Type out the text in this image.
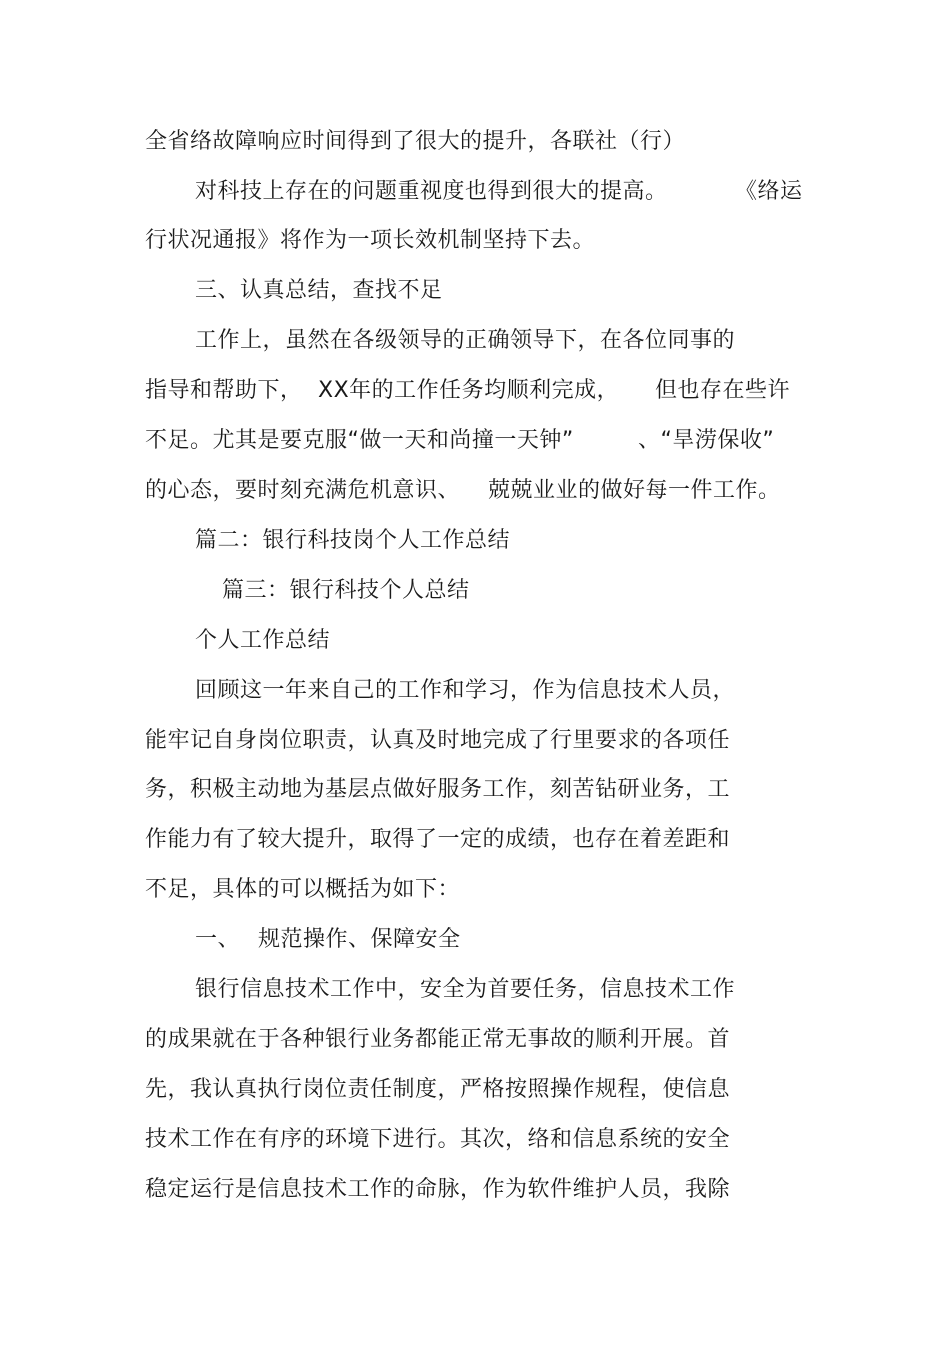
全省络故障响应时间得到了很大的提升，各联社（行）
对科技上存在的问题重视度也得到很大的提高。	《络运
行状况通报》将作为一项长效机制坚持下去。
三、认真总结，查找不足
工作上，虽然在各级领导的正确领导下，在各位同事的
指导和帮助下， XX年的工作任务均顺利完成， 但也存在些许
不足。尤其是要克服“做一天和尚撞一天钟”	、“旱涝保收”
的心态，要时刻充满危机意识、 兢兢业业的做好每一件工作。
篇二：银行科技岗个人工作总结
篇三：银行科技个人总结
个人工作总结
回顾这一年来自己的工作和学习，作为信息技术人员，
能牢记自身岗位职责，认真及时地完成了行里要求的各项任
务，积极主动地为基层点做好服务工作，刻苦钻研业务，工
作能力有了较大提升，取得了一定的成绩，也存在着差距和
不足，具体的可以概括为如下：
一、 规范操作、保障安全
银行信息技术工作中，安全为首要任务，信息技术工作
的成果就在于各种银行业务都能正常无事故的顺利开展。首
先，我认真执行岗位责任制度，严格按照操作规程，使信息
技术工作在有序的环境下进行。其次，络和信息系统的安全
稳定运行是信息技术工作的命脉，作为软件维护人员，我除
